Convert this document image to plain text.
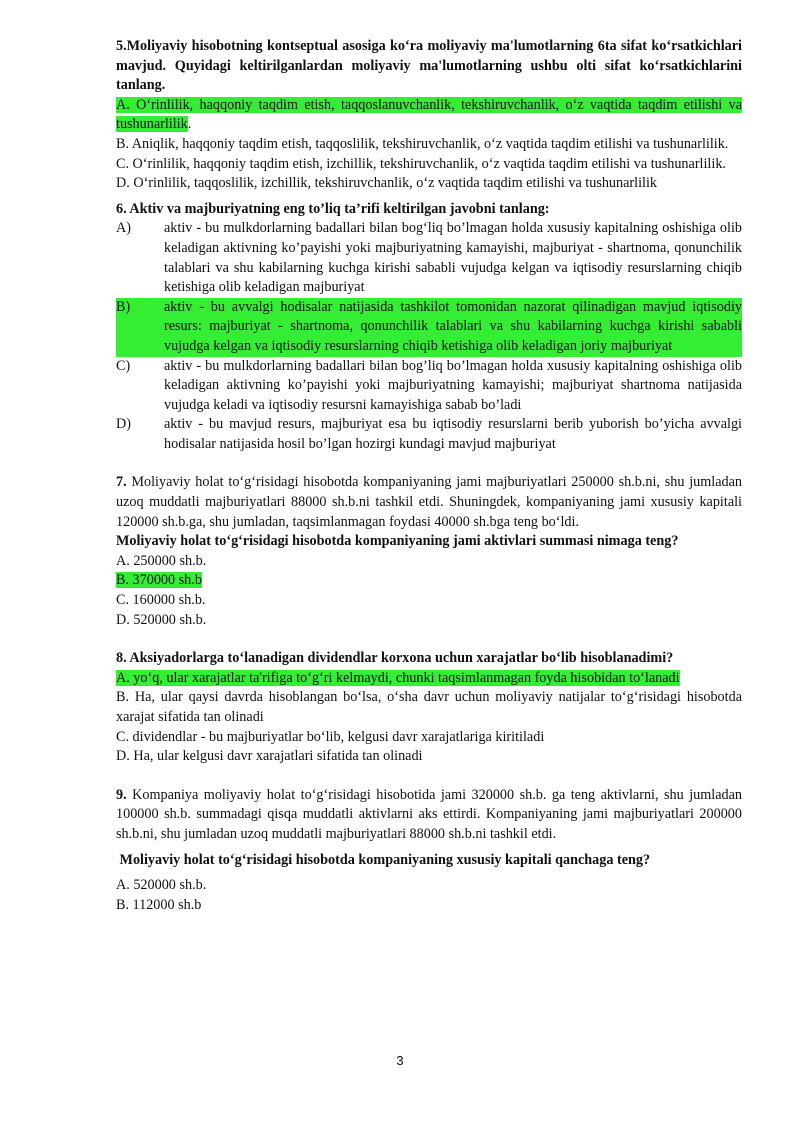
5.Moliyaviy hisobotning kontseptual asosiga ko‘ra moliyaviy ma'lumotlarning 6ta sifat ko‘rsatkichlari mavjud. Quyidagi keltirilganlardan moliyaviy ma'lumotlarning ushbu olti sifat ko‘rsatkichlarini tanlang.

A. O‘rinlilik, haqqoniy taqdim etish, taqqoslanuvchanlik, tekshiruvchanlik, o‘z vaqtida taqdim etilishi va tushunarlilik.

B. Aniqlik, haqqoniy taqdim etish, taqqoslilik, tekshiruvchanlik, o‘z vaqtida taqdim etilishi va tushunarlilik.

C. O‘rinlilik, haqqoniy taqdim etish, izchillik, tekshiruvchanlik, o‘z vaqtida taqdim etilishi va tushunarlilik.

D. O‘rinlilik, taqqoslilik, izchillik, tekshiruvchanlik, o‘z vaqtida taqdim etilishi va tushunarlilik

6. Aktiv va majburiyatning eng to’liq ta’rifi keltirilgan javobni tanlang:

A)	aktiv - bu mulkdorlarning badallari bilan bog‘liq bo’lmagan holda xususiy kapitalning oshishiga olib keladigan aktivning ko’payishi yoki majburiyatning kamayishi, majburiyat - shartnoma, qonunchilik talablari va shu kabilarning kuchga kirishi sababli vujudga kelgan va iqtisodiy resurslarning chiqib ketishiga olib keladigan majburiyat
B)	aktiv - bu avvalgi hodisalar natijasida tashkilot tomonidan nazorat qilinadigan mavjud iqtisodiy resurs: majburiyat - shartnoma, qonunchilik talablari va shu kabilarning kuchga kirishi sababli vujudga kelgan va iqtisodiy resurslarning chiqib ketishiga olib keladigan joriy majburiyat
C)	aktiv - bu mulkdorlarning badallari bilan bog’liq bo’lmagan holda xususiy kapitalning oshishiga olib keladigan aktivning ko’payishi yoki majburiyatning kamayishi; majburiyat shartnoma natijasida vujudga keladi va iqtisodiy resursni kamayishiga sabab bo’ladi
D)	aktiv - bu mavjud resurs, majburiyat esa bu iqtisodiy resurslarni berib yuborish bo’yicha avvalgi hodisalar natijasida hosil bo’lgan hozirgi kundagi mavjud majburiyat

7. Moliyaviy holat to‘g‘risidagi hisobotda kompaniyaning jami majburiyatlari 250000 sh.b.ni, shu jumladan uzoq muddatli majburiyatlari 88000 sh.b.ni tashkil etdi. Shuningdek, kompaniyaning jami xususiy kapitali 120000 sh.b.ga, shu jumladan, taqsimlanmagan foydasi 40000 sh.bga teng bo‘ldi.

Moliyaviy holat to‘g‘risidagi hisobotda kompaniyaning jami aktivlari summasi nimaga teng?

A. 250000 sh.b.

B. 370000 sh.b

C. 160000 sh.b.

D. 520000 sh.b.

8. Aksiyadorlarga to‘lanadigan dividendlar korxona uchun xarajatlar bo‘lib hisoblanadimi?

A. yo‘q, ular xarajatlar ta'rifiga to‘g‘ri kelmaydi, chunki taqsimlanmagan foyda hisobidan to‘lanadi

B. Ha, ular qaysi davrda hisoblangan bo‘lsa, o‘sha davr uchun moliyaviy natijalar to‘g‘risidagi hisobotda xarajat sifatida tan olinadi

C. dividendlar - bu majburiyatlar bo‘lib, kelgusi davr xarajatlariga kiritiladi

D. Ha, ular kelgusi davr xarajatlari sifatida tan olinadi

9. Kompaniya moliyaviy holat to‘g‘risidagi hisobotida jami 320000 sh.b. ga teng aktivlarni, shu jumladan 100000 sh.b. summadagi qisqa muddatli aktivlarni aks ettirdi. Kompaniyaning jami majburiyatlari 200000 sh.b.ni, shu jumladan uzoq muddatli majburiyatlari 88000 sh.b.ni tashkil etdi.

Moliyaviy holat to‘g‘risidagi hisobotda kompaniyaning xususiy kapitali qanchaga teng?

A. 520000 sh.b.

B. 112000 sh.b

3
